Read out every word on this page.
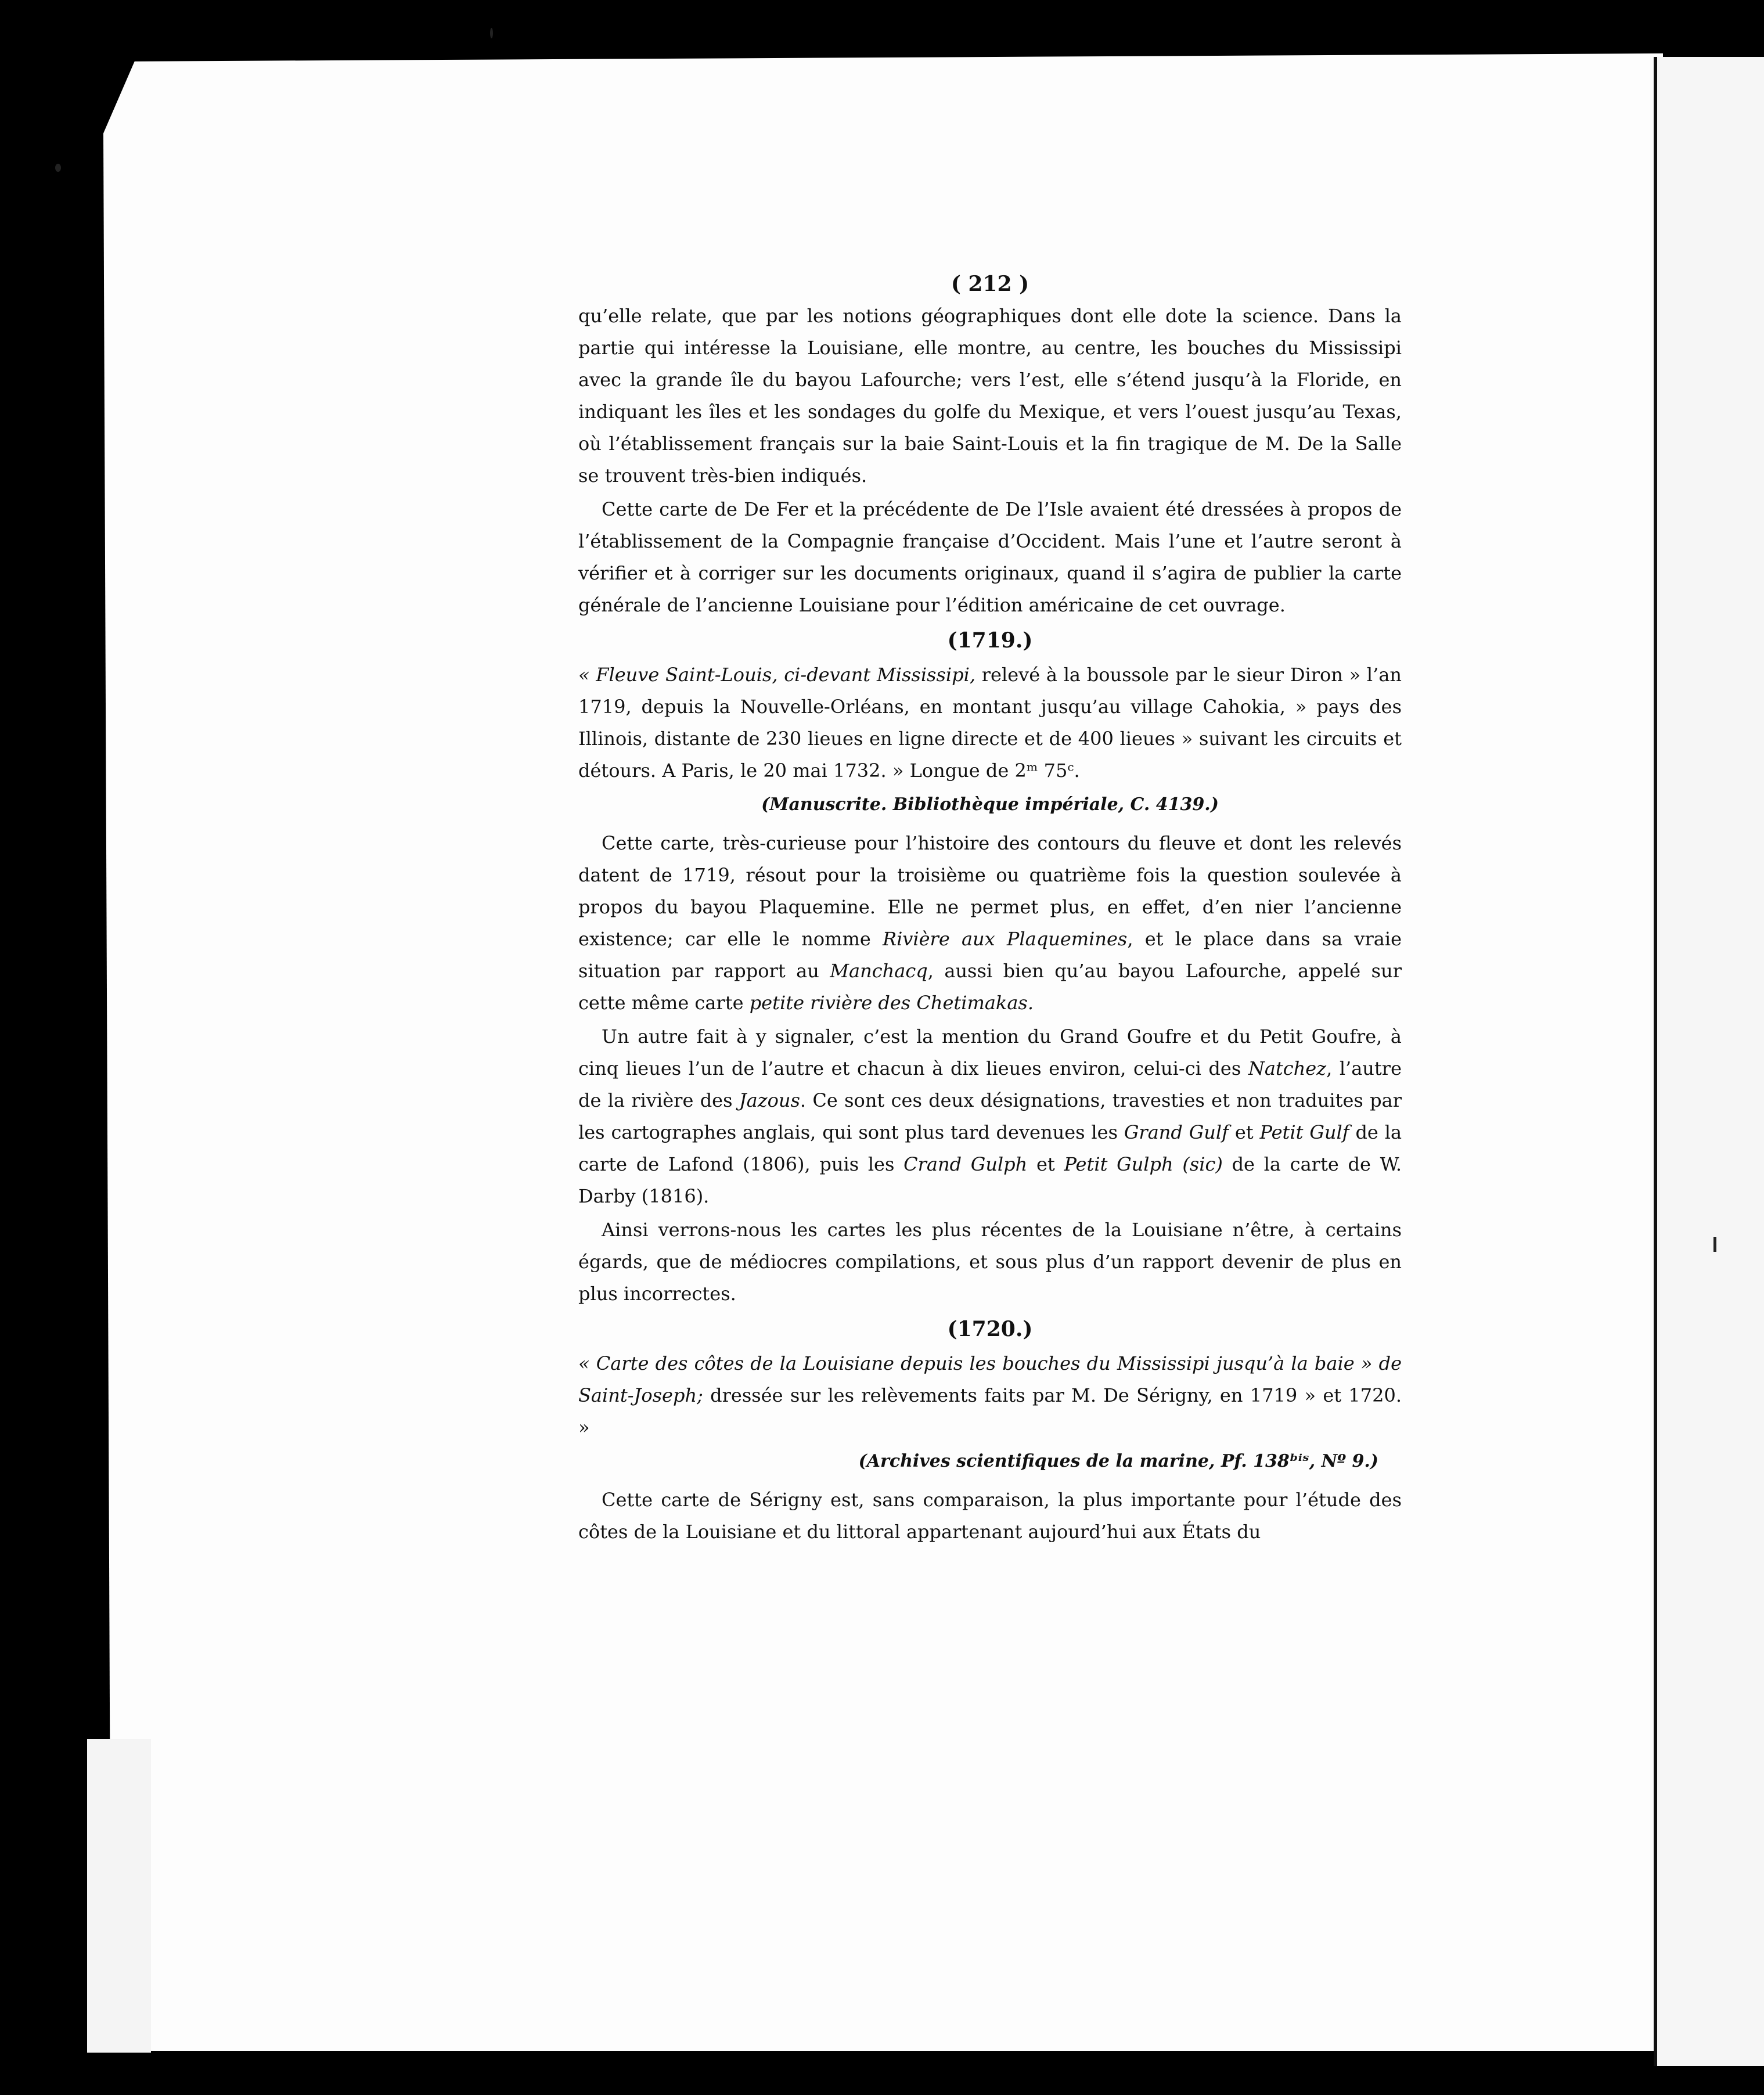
( 212 )

qu’elle relate, que par les notions géographiques dont elle dote la science. Dans la partie qui intéresse la Louisiane, elle montre, au centre, les bouches du Mississipi avec la grande île du bayou Lafourche; vers l’est, elle s’étend jusqu’à la Floride, en indiquant les îles et les sondages du golfe du Mexique, et vers l’ouest jusqu’au Texas, où l’établissement français sur la baie Saint-Louis et la fin tragique de M. De la Salle se trouvent très-bien indiqués.

Cette carte de De Fer et la précédente de De l’Isle avaient été dressées à propos de l’établissement de la Compagnie française d’Occident. Mais l’une et l’autre seront à vérifier et à corriger sur les documents originaux, quand il s’agira de publier la carte générale de l’ancienne Louisiane pour l’édition américaine de cet ouvrage.

(1719.)

« Fleuve Saint-Louis, ci-devant Mississipi, relevé à la boussole par le sieur Diron » l’an 1719, depuis la Nouvelle-Orléans, en montant jusqu’au village Cahokia, » pays des Illinois, distante de 230 lieues en ligne directe et de 400 lieues » suivant les circuits et détours. A Paris, le 20 mai 1732. » Longue de 2ᵐ 75ᶜ.

(Manuscrite. Bibliothèque impériale, C. 4139.)

Cette carte, très-curieuse pour l’histoire des contours du fleuve et dont les relevés datent de 1719, résout pour la troisième ou quatrième fois la question soulevée à propos du bayou Plaquemine. Elle ne permet plus, en effet, d’en nier l’ancienne existence; car elle le nomme Rivière aux Plaquemines, et le place dans sa vraie situation par rapport au Manchacq, aussi bien qu’au bayou Lafourche, appelé sur cette même carte petite rivière des Chetimakas.

Un autre fait à y signaler, c’est la mention du Grand Goufre et du Petit Goufre, à cinq lieues l’un de l’autre et chacun à dix lieues environ, celui-ci des Natchez, l’autre de la rivière des Jazous. Ce sont ces deux désignations, travesties et non traduites par les cartographes anglais, qui sont plus tard devenues les Grand Gulf et Petit Gulf de la carte de Lafond (1806), puis les Crand Gulph et Petit Gulph (sic) de la carte de W. Darby (1816).

Ainsi verrons-nous les cartes les plus récentes de la Louisiane n’être, à certains égards, que de médiocres compilations, et sous plus d’un rapport devenir de plus en plus incorrectes.

(1720.)

« Carte des côtes de la Louisiane depuis les bouches du Mississipi jusqu’à la baie » de Saint-Joseph; dressée sur les relèvements faits par M. De Sérigny, en 1719 » et 1720. »

(Archives scientifiques de la marine, Pf. 138ᵇⁱˢ, Nº 9.)

Cette carte de Sérigny est, sans comparaison, la plus importante pour l’étude des côtes de la Louisiane et du littoral appartenant aujourd’hui aux États du
